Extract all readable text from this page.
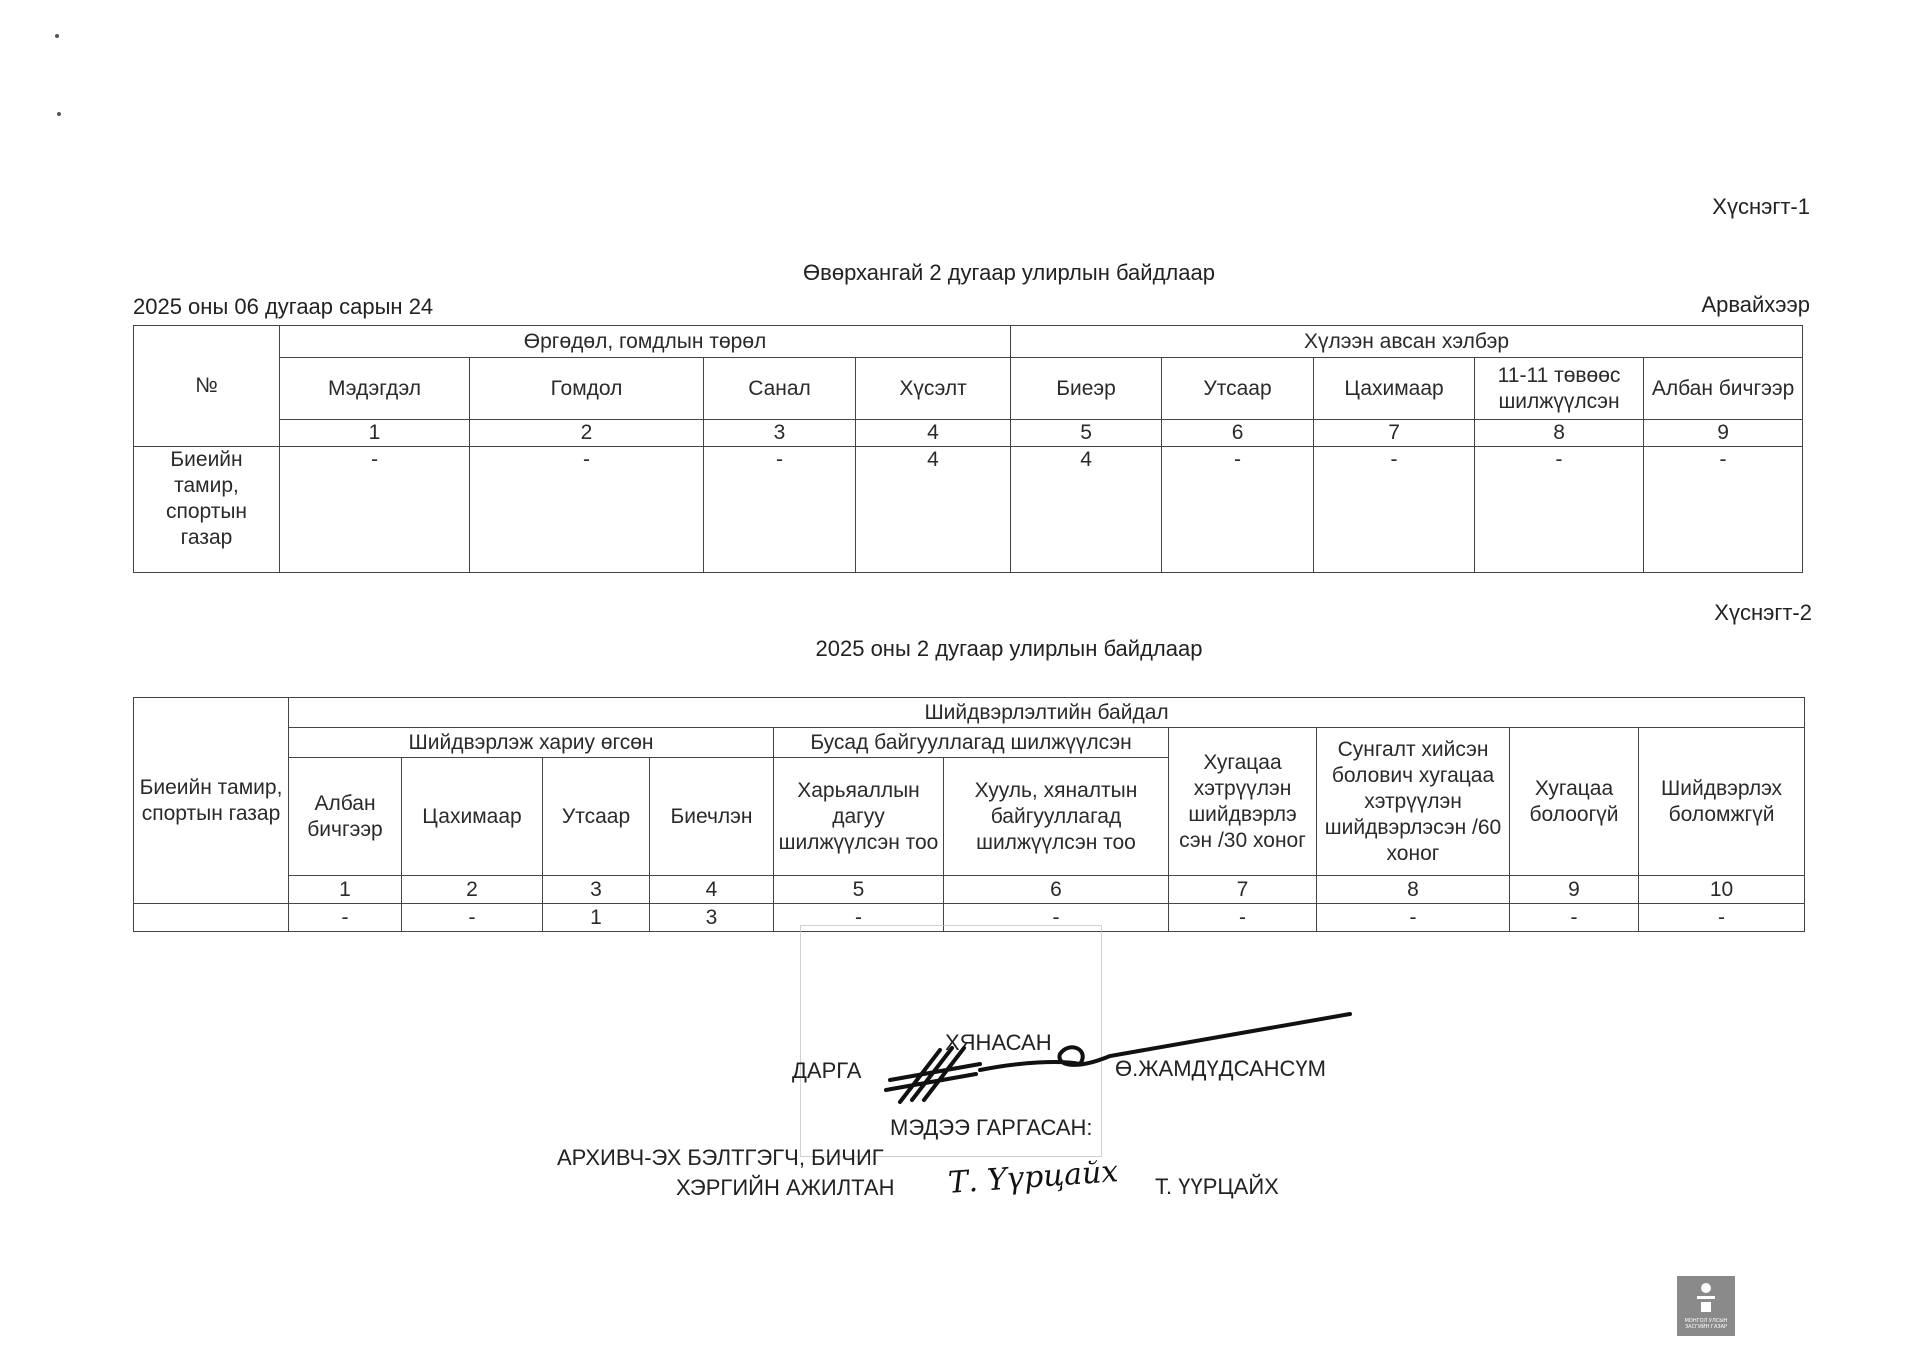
Хүснэгт-1
Өвөрхангай 2 дугаар улирлын байдлаар
2025 оны 06 дугаар сарын 24	Арвайхээр
№	Өргөдөл, гомдлын төрөл				Хүлээн авсан хэлбэр				
	Мэдэгдэл	Гомдол	Санал	Хүсэлт	Биеэр	Утсаар	Цахимаар	11-11 төвөөс шилжүүлсэн	Албан бичгээр
	1	2	3	4	5	6	7	8	9
Биеийн тамир, спортын газар	-	-	-	4	4	-	-	-	-
Хүснэгт-2
2025 оны 2 дугаар улирлын байдлаар
Биеийн тамир, спортын газар	Шийдвэрлэлтийн байдал									
	Шийдвэрлэж хариу өгсөн				Бусад байгууллагад шилжүүлсэн		Хугацаа хэтрүүлэн шийдвэрлэ сэн /30 хоног	Сунгалт хийсэн болович хугацаа хэтрүүлэн шийдвэрлэсэн /60 хоног	Хугацаа болоогүй	Шийдвэрлэх боломжгүй
	Албан бичгээр	Цахимаар	Утсаар	Биечлэн	Харьяаллын дагуу шилжүүлсэн тоо	Хууль, хяналтын байгууллагад шилжүүлсэн тоо				
	1	2	3	4	5	6	7	8	9	10
	-	-	1	3	-	-	-	-	-	-
ХЯНАСАН
ДАРГА	Ө.ЖАМДҮДСАНСҮМ
МЭДЭЭ ГАРГАСАН:
АРХИВЧ-ЭХ БЭЛТГЭГЧ, БИЧИГ
ХЭРГИЙН АЖИЛТАН Т. Үүрцайх Т. ҮҮРЦАЙХ
МОНГОЛ УЛСЫН ЗАСГИЙН ГАЗАР
